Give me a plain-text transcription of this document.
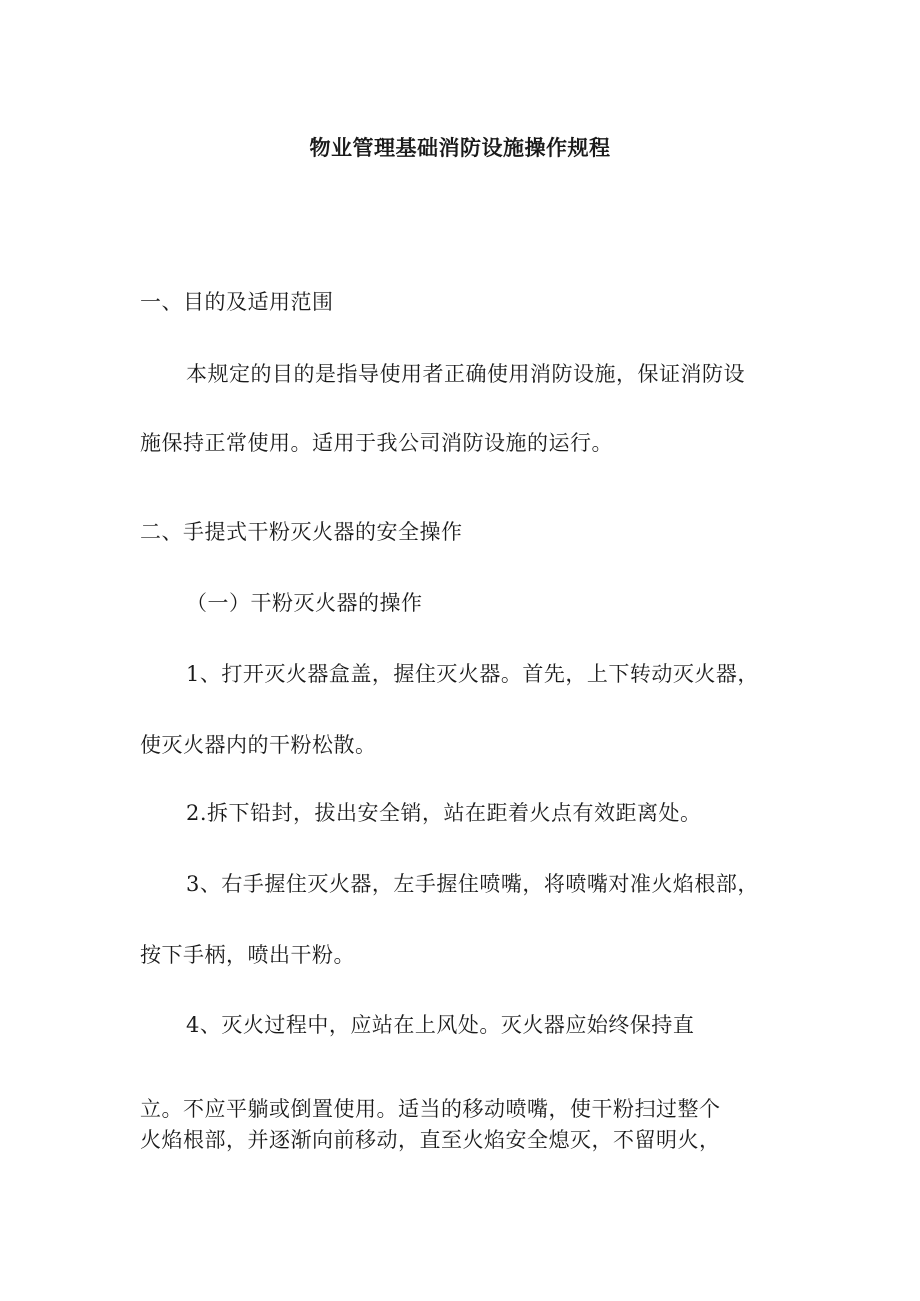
物业管理基础消防设施操作规程

一、目的及适用范围

本规定的目的是指导使用者正确使用消防设施，保证消防设

施保持正常使用。适用于我公司消防设施的运行。

二、手提式干粉灭火器的安全操作

（一）干粉灭火器的操作

1、打开灭火器盒盖，握住灭火器。首先，上下转动灭火器，

使灭火器内的干粉松散。

2.拆下铅封，拔出安全销，站在距着火点有效距离处。

3、右手握住灭火器，左手握住喷嘴，将喷嘴对准火焰根部，

按下手柄，喷出干粉。

4、灭火过程中，应站在上风处。灭火器应始终保持直

立。不应平躺或倒置使用。适当的移动喷嘴，使干粉扫过整个

火焰根部，并逐渐向前移动，直至火焰安全熄灭，不留明火，
